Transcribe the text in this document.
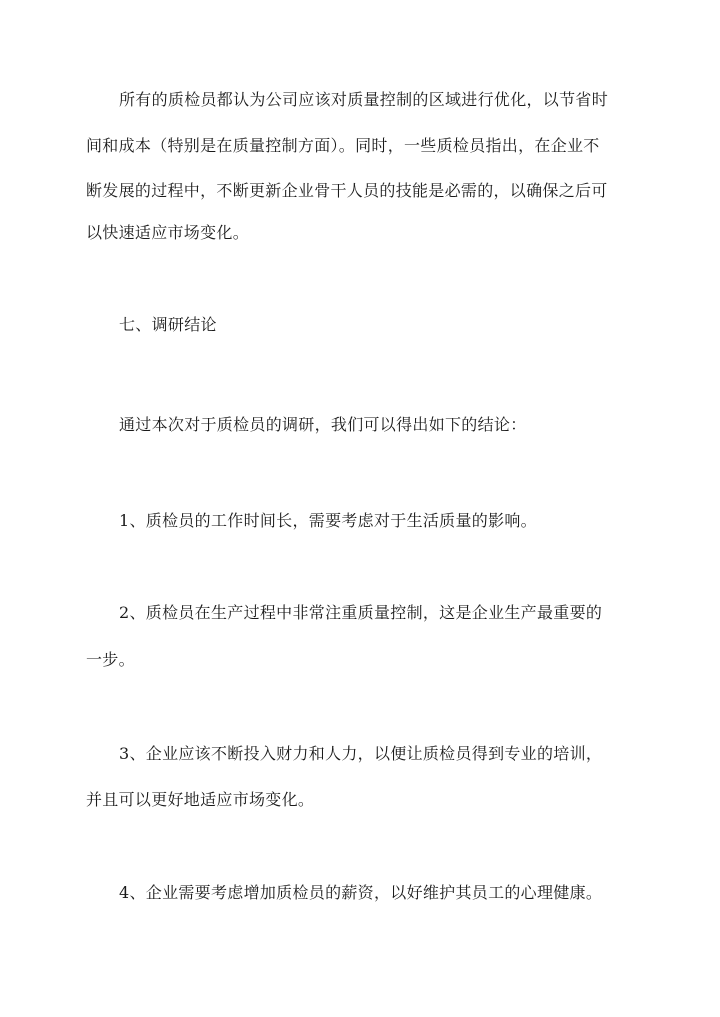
所有的质检员都认为公司应该对质量控制的区域进行优化，以节省时
间和成本（特别是在质量控制方面）。同时，一些质检员指出，在企业不
断发展的过程中，不断更新企业骨干人员的技能是必需的，以确保之后可
以快速适应市场变化。
七、调研结论
通过本次对于质检员的调研，我们可以得出如下的结论：
1、质检员的工作时间长，需要考虑对于生活质量的影响。
2、质检员在生产过程中非常注重质量控制，这是企业生产最重要的
一步。
3、企业应该不断投入财力和人力，以便让质检员得到专业的培训，
并且可以更好地适应市场变化。
4、企业需要考虑增加质检员的薪资，以好维护其员工的心理健康。
